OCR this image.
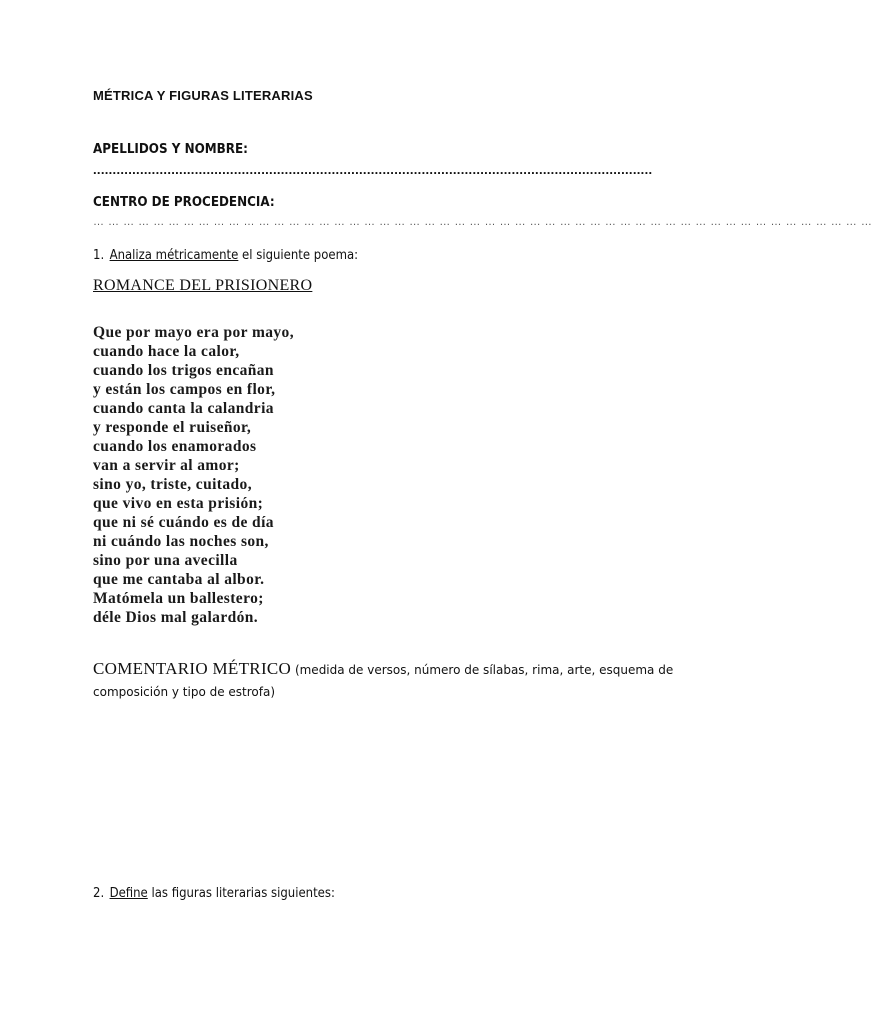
MÉTRICA Y FIGURAS LITERARIAS
APELLIDOS Y NOMBRE:
...............................................................................................................................................
CENTRO DE PROCEDENCIA:
… … … … … … … … … … … … … … … … … … … … … … … … … … … … … … … … … … … … … … … … … … … … … … … … … … … …
1. Analiza métricamente el siguiente poema:
ROMANCE DEL PRISIONERO
Que por mayo era por mayo,
cuando hace la calor,
cuando los trigos encañan
y están los campos en flor,
cuando canta la calandria
y responde el ruiseñor,
cuando los enamorados
van a servir al amor;
sino yo, triste, cuitado,
que vivo en esta prisión;
que ni sé cuándo es de día
ni cuándo las noches son,
sino por una avecilla
que me cantaba al albor.
Matómela un ballestero;
déle Dios mal galardón.
COMENTARIO MÉTRICO (medida de versos, número de sílabas, rima, arte, esquema de composición y tipo de estrofa)
2. Define las figuras literarias siguientes:
